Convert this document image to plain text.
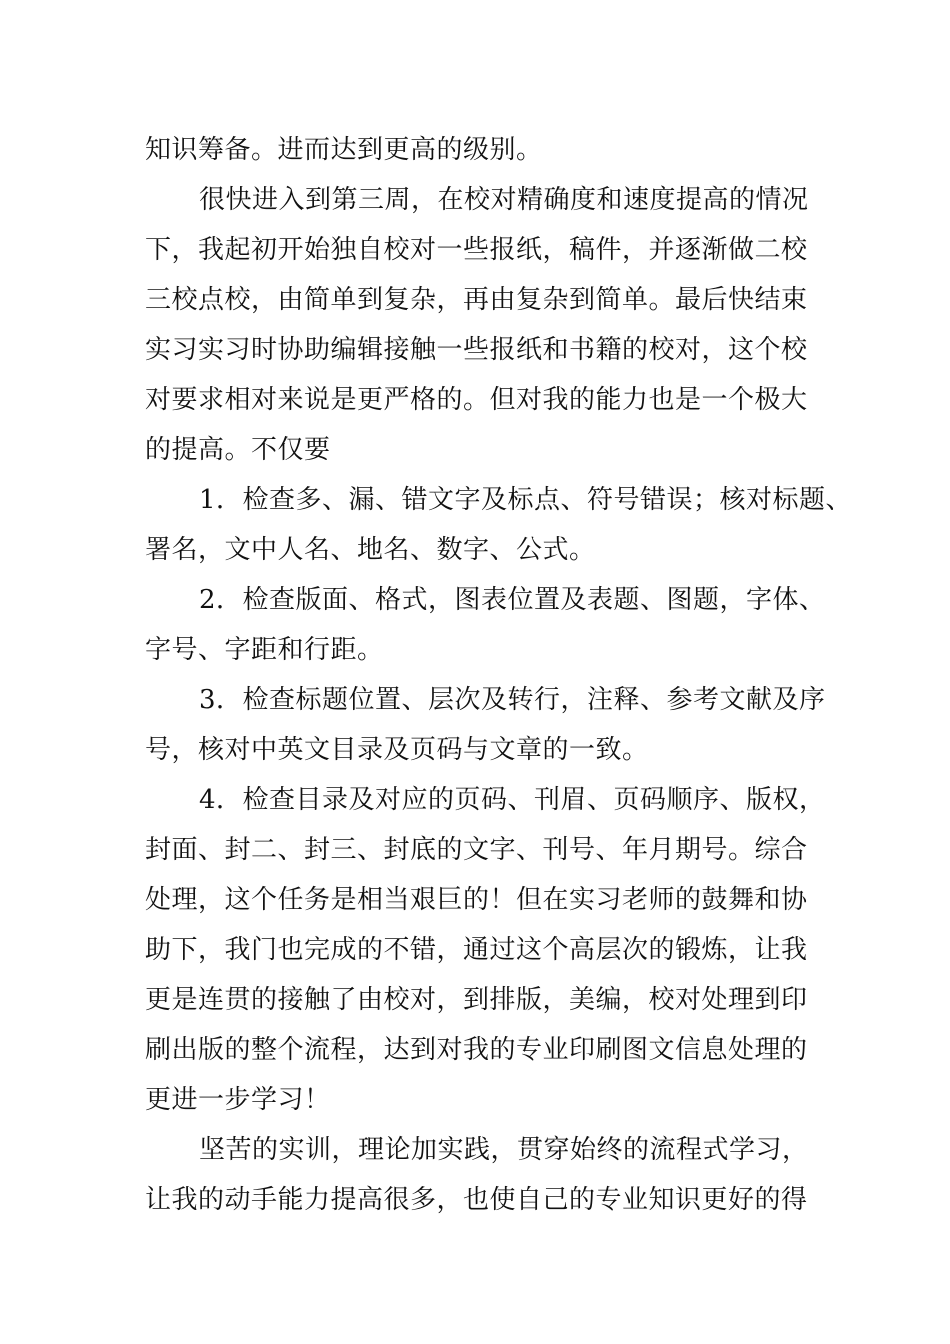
知识筹备。进而达到更高的级别。
很快进入到第三周，在校对精确度和速度提高的情况
下，我起初开始独自校对一些报纸，稿件，并逐渐做二校
三校点校，由简单到复杂，再由复杂到简单。最后快结束
实习实习时协助编辑接触一些报纸和书籍的校对，这个校
对要求相对来说是更严格的。但对我的能力也是一个极大
的提高。不仅要
1．检查多、漏、错文字及标点、符号错误；核对标题、
署名，文中人名、地名、数字、公式。
2．检查版面、格式，图表位置及表题、图题，字体、
字号、字距和行距。
3．检查标题位置、层次及转行，注释、参考文献及序
号，核对中英文目录及页码与文章的一致。
4．检查目录及对应的页码、刊眉、页码顺序、版权，
封面、封二、封三、封底的文字、刊号、年月期号。综合
处理，这个任务是相当艰巨的！但在实习老师的鼓舞和协
助下，我门也完成的不错，通过这个高层次的锻炼，让我
更是连贯的接触了由校对，到排版，美编，校对处理到印
刷出版的整个流程，达到对我的专业印刷图文信息处理的
更进一步学习！
坚苦的实训，理论加实践，贯穿始终的流程式学习，
让我的动手能力提高很多，也使自己的专业知识更好的得
